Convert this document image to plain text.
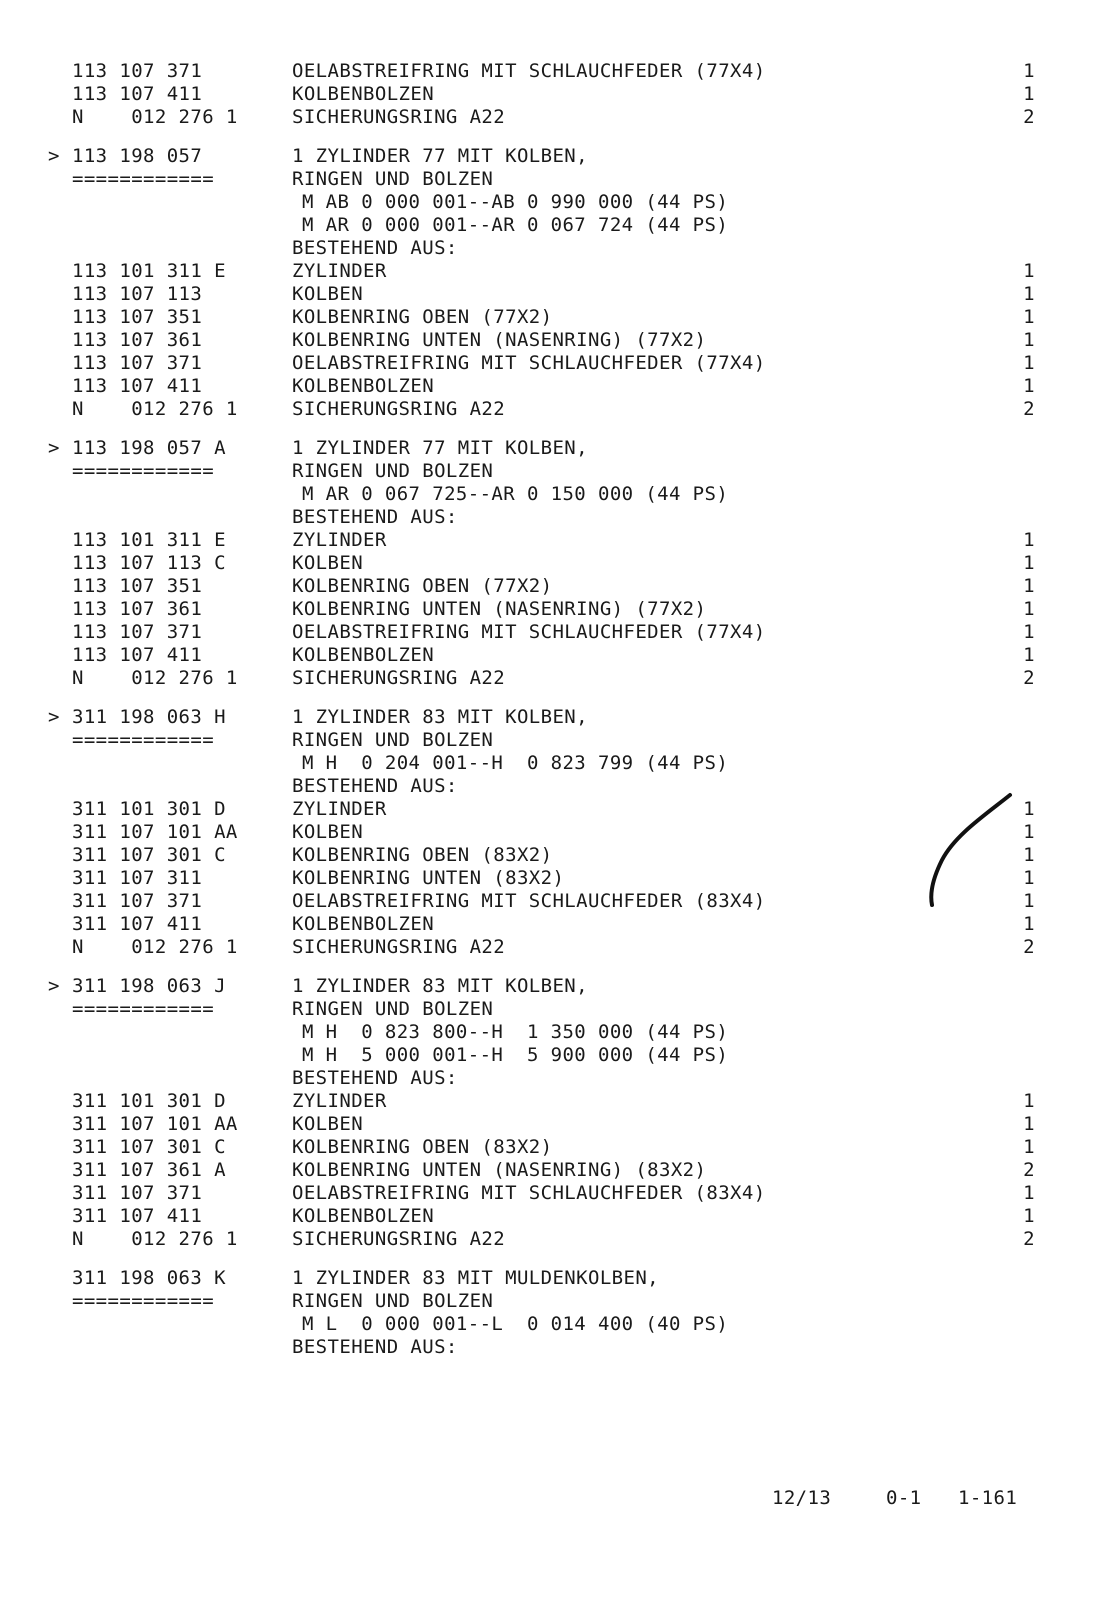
113 107 371	OELABSTREIFRING MIT SCHLAUCHFEDER (77X4)	1
113 107 411	KOLBENBOLZEN	1
N    012 276 1	SICHERUNGSRING A22	2
> 113 198 057	1 ZYLINDER 77 MIT KOLBEN,
============	RINGEN UND BOLZEN
M AB 0 000 001--AB 0 990 000 (44 PS)
M AR 0 000 001--AR 0 067 724 (44 PS)
BESTEHEND AUS:
113 101 311 E	ZYLINDER	1
113 107 113	KOLBEN	1
113 107 351	KOLBENRING OBEN (77X2)	1
113 107 361	KOLBENRING UNTEN (NASENRING) (77X2)	1
113 107 371	OELABSTREIFRING MIT SCHLAUCHFEDER (77X4)	1
113 107 411	KOLBENBOLZEN	1
N    012 276 1	SICHERUNGSRING A22	2
> 113 198 057 A	1 ZYLINDER 77 MIT KOLBEN,
============	RINGEN UND BOLZEN
M AR 0 067 725--AR 0 150 000 (44 PS)
BESTEHEND AUS:
113 101 311 E	ZYLINDER	1
113 107 113 C	KOLBEN	1
113 107 351	KOLBENRING OBEN (77X2)	1
113 107 361	KOLBENRING UNTEN (NASENRING) (77X2)	1
113 107 371	OELABSTREIFRING MIT SCHLAUCHFEDER (77X4)	1
113 107 411	KOLBENBOLZEN	1
N    012 276 1	SICHERUNGSRING A22	2
> 311 198 063 H	1 ZYLINDER 83 MIT KOLBEN,
============	RINGEN UND BOLZEN
M H  0 204 001--H  0 823 799 (44 PS)
BESTEHEND AUS:
311 101 301 D	ZYLINDER	1
311 107 101 AA	KOLBEN	1
311 107 301 C	KOLBENRING OBEN (83X2)	1
311 107 311	KOLBENRING UNTEN (83X2)	1
311 107 371	OELABSTREIFRING MIT SCHLAUCHFEDER (83X4)	1
311 107 411	KOLBENBOLZEN	1
N    012 276 1	SICHERUNGSRING A22	2
> 311 198 063 J	1 ZYLINDER 83 MIT KOLBEN,
============	RINGEN UND BOLZEN
M H  0 823 800--H  1 350 000 (44 PS)
M H  5 000 001--H  5 900 000 (44 PS)
BESTEHEND AUS:
311 101 301 D	ZYLINDER	1
311 107 101 AA	KOLBEN	1
311 107 301 C	KOLBENRING OBEN (83X2)	1
311 107 361 A	KOLBENRING UNTEN (NASENRING) (83X2)	2
311 107 371	OELABSTREIFRING MIT SCHLAUCHFEDER (83X4)	1
311 107 411	KOLBENBOLZEN	1
N    012 276 1	SICHERUNGSRING A22	2
311 198 063 K	1 ZYLINDER 83 MIT MULDENKOLBEN,
============	RINGEN UND BOLZEN
M L  0 000 001--L  0 014 400 (40 PS)
BESTEHEND AUS:
12/13	0-1 1-161
